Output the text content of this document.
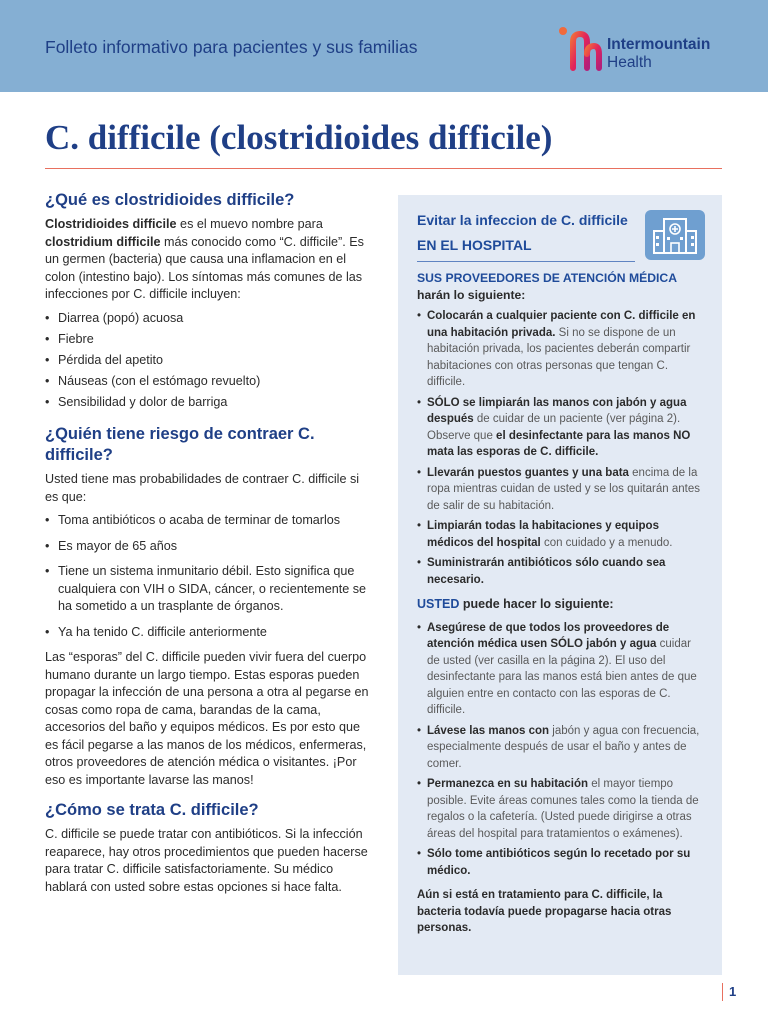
Folleto informativo para pacientes y sus familias	Intermountain
Health
C. difficile (clostridioides difficile)
¿Qué es clostridioides difficile?

Clostridioides difficile es el muevo nombre para clostridium difficile más conocido como “C. difficile”. Es un germen (bacteria) que causa una inflamacion en el colon (intestino bajo). Los síntomas más comunes de las infecciones por C. difficile incluyen:

• Diarrea (popó) acuosa
• Fiebre
• Pérdida del apetito
• Náuseas (con el estómago revuelto)
• Sensibilidad y dolor de barriga
¿Quién tiene riesgo de contraer C. difficile?

Usted tiene mas probabilidades de contraer C. difficile si es que:

• Toma antibióticos o acaba de terminar de tomarlos
• Es mayor de 65 años
• Tiene un sistema inmunitario débil. Esto significa que cualquiera con VIH o SIDA, cáncer, o recientemente se ha sometido a un trasplante de órganos.
• Ya ha tenido C. difficile anteriormente

Las “esporas” del C. difficile pueden vivir fuera del cuerpo humano durante un largo tiempo. Estas esporas pueden propagar la infección de una persona a otra al pegarse en cosas como ropa de cama, barandas de la cama, accesorios del baño y equipos médicos. Es por esto que es fácil pegarse a las manos de los médicos, enfermeras, otros proveedores de atención médica o visitantes. ¡Por eso es importante lavarse las manos!

¿Cómo se trata C. difficile?

C. difficile se puede tratar con antibióticos. Si la infección reaparece, hay otros procedimientos que pueden hacerse para tratar C. difficile satisfactoriamente. Su médico hablará con usted sobre estas opciones si hace falta.

Evitar la infeccion de C. difficile
EN EL HOSPITAL
SUS PROVEEDORES DE ATENCIÓN MÉDICA harán lo siguiente:
• Colocarán a cualquier paciente con C. difficile en una habitación privada. Si no se dispone de un habitación privada, los pacientes deberán compartir habitaciones con otras personas que tengan C. difficile.
• SÓLO se limpiarán las manos con jabón y agua después de cuidar de un paciente (ver página 2). Observe que el desinfectante para las manos NO mata las esporas de C. difficile.
• Llevarán puestos guantes y una bata encima de la ropa mientras cuidan de usted y se los quitarán antes de salir de su habitación.
• Limpiarán todas la habitaciones y equipos médicos del hospital con cuidado y a menudo.
• Suministrarán antibióticos sólo cuando sea necesario.
USTED puede hacer lo siguiente:
• Asegúrese de que todos los proveedores de atención médica usen SÓLO jabón y agua cuidar de usted (ver casilla en la página 2). El uso del desinfectante para las manos está bien antes de que alguien entre en contacto con las esporas de C. difficile.
• Lávese las manos con jabón y agua con frecuencia, especialmente después de usar el baño y antes de comer.
• Permanezca en su habitación el mayor tiempo posible. Evite áreas comunes tales como la tienda de regalos o la cafetería. (Usted puede dirigirse a otras áreas del hospital para tratamientos o exámenes).
• Sólo tome antibióticos según lo recetado por su médico.

Aún si está en tratamiento para C. difficile, la bacteria todavía puede propagarse hacia otras personas.

1
